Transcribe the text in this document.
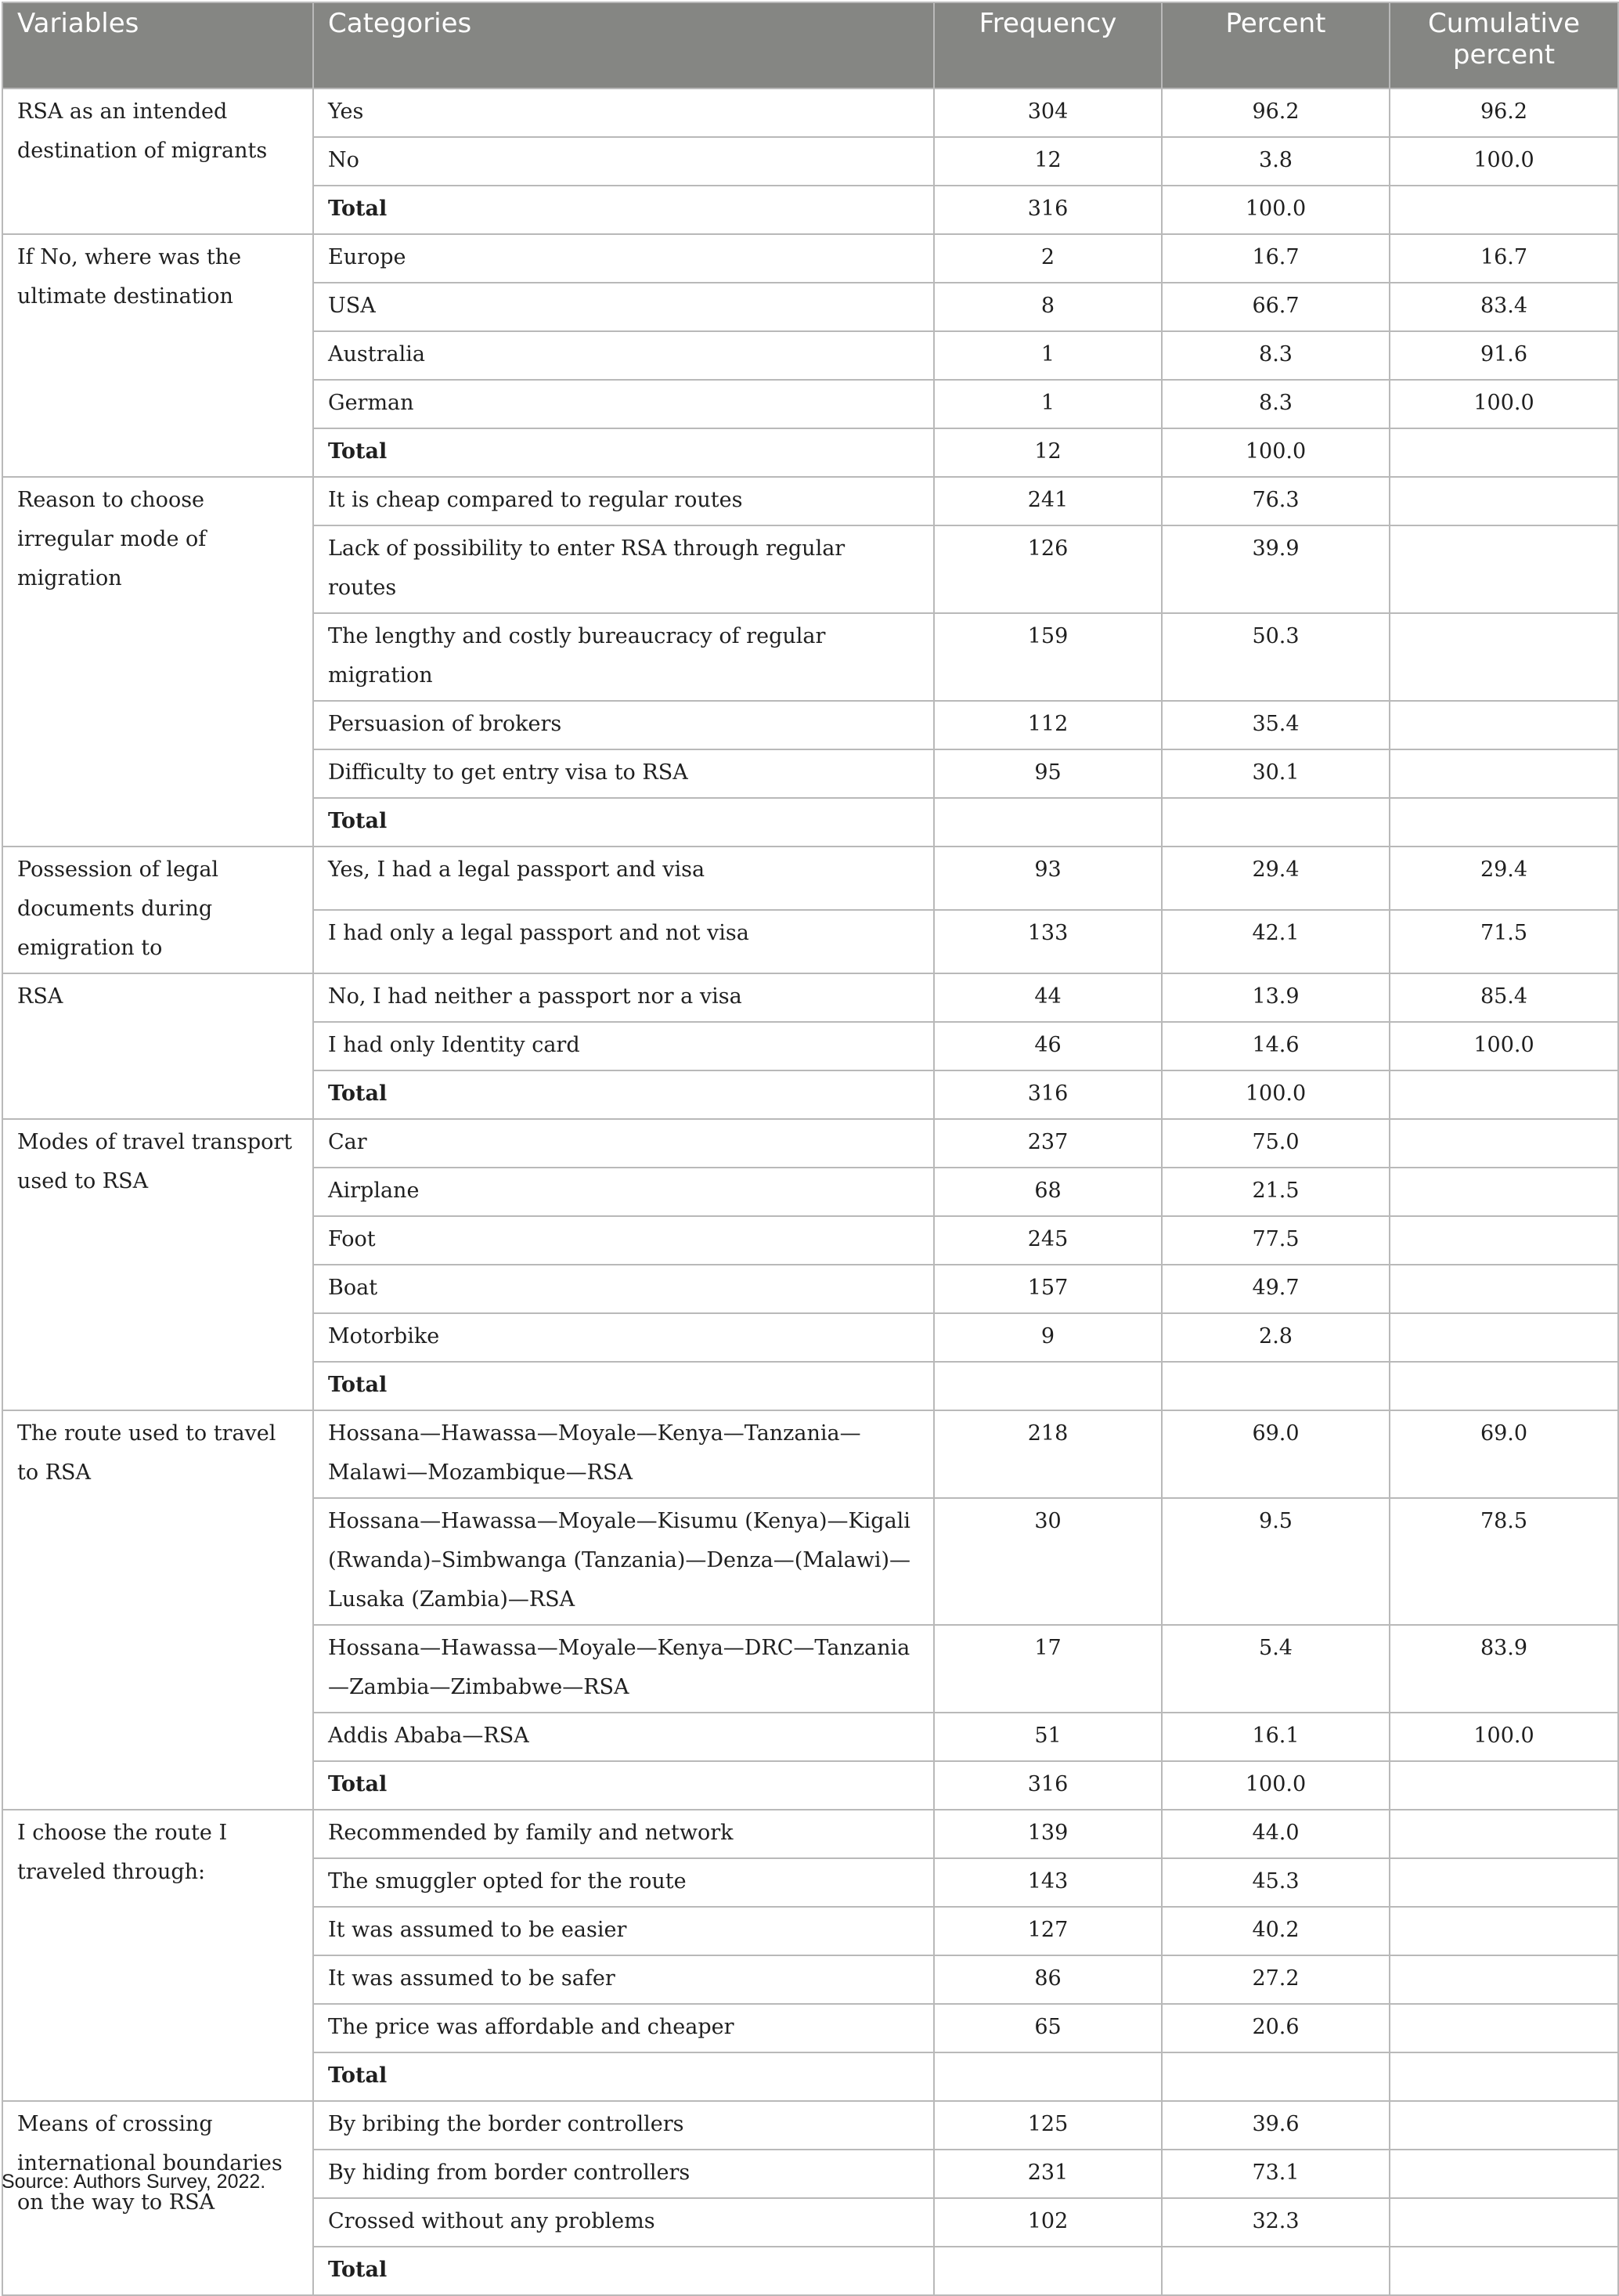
Variables	Categories	Frequency	Percent	Cumulative percent
RSA as an intended destination of migrants	Yes	304	96.2	96.2
	No	12	3.8	100.0
	Total	316	100.0	
If No, where was the ultimate destination	Europe	2	16.7	16.7
	USA	8	66.7	83.4
	Australia	1	8.3	91.6
	German	1	8.3	100.0
	Total	12	100.0	
Reason to choose irregular mode of migration	It is cheap compared to regular routes	241	76.3	
	Lack of possibility to enter RSA through regular routes	126	39.9	
	The lengthy and costly bureaucracy of regular migration	159	50.3	
	Persuasion of brokers	112	35.4	
	Difficulty to get entry visa to RSA	95	30.1	
	Total			
Possession of legal documents during emigration to	Yes, I had a legal passport and visa	93	29.4	29.4
	I had only a legal passport and not visa	133	42.1	71.5
RSA	No, I had neither a passport nor a visa	44	13.9	85.4
	I had only Identity card	46	14.6	100.0
	Total	316	100.0	
Modes of travel transport used to RSA	Car	237	75.0	
	Airplane	68	21.5	
	Foot	245	77.5	
	Boat	157	49.7	
	Motorbike	9	2.8	
	Total			
The route used to travel to RSA	Hossana—Hawassa—Moyale—Kenya—Tanzania—Malawi—Mozambique—RSA	218	69.0	69.0
	Hossana—Hawassa—Moyale—Kisumu (Kenya)—Kigali (Rwanda)–Simbwanga (Tanzania)—Denza—(Malawi)—Lusaka (Zambia)—RSA	30	9.5	78.5
	Hossana—Hawassa—Moyale—Kenya—DRC—Tanzania—Zambia—Zimbabwe—RSA	17	5.4	83.9
	Addis Ababa—RSA	51	16.1	100.0
	Total	316	100.0	
I choose the route I traveled through:	Recommended by family and network	139	44.0	
	The smuggler opted for the route	143	45.3	
	It was assumed to be easier	127	40.2	
	It was assumed to be safer	86	27.2	
	The price was affordable and cheaper	65	20.6	
	Total			
Means of crossing international boundaries on the way to RSA	By bribing the border controllers	125	39.6	
	By hiding from border controllers	231	73.1	
	Crossed without any problems	102	32.3	
	Total			
Source: Authors Survey, 2022.
